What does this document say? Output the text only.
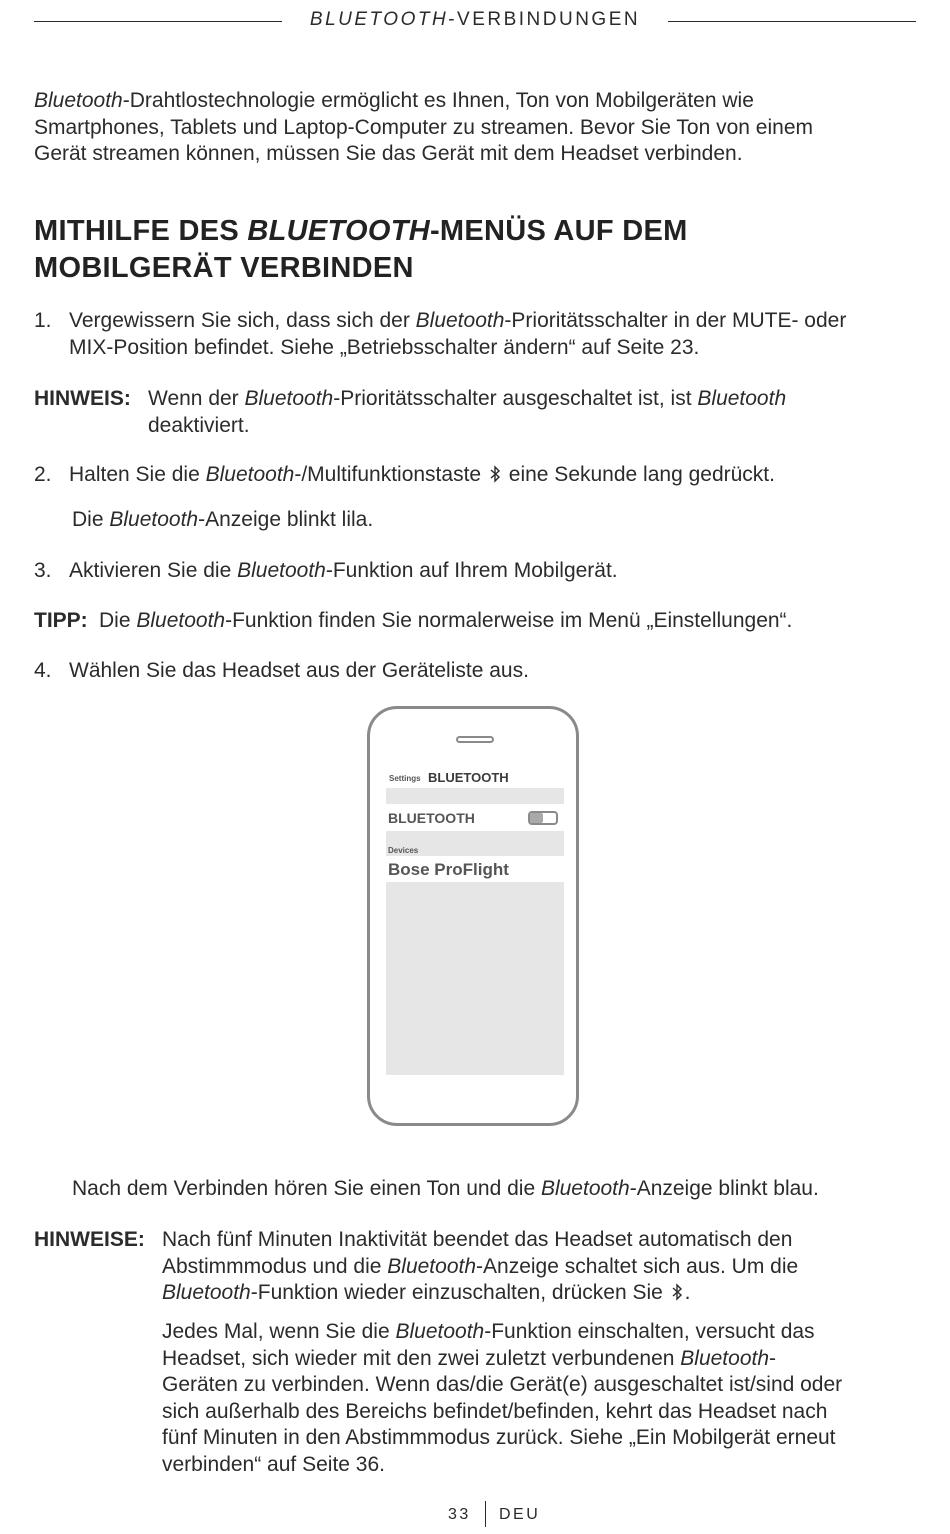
BLUETOOTH-VERBINDUNGEN
Bluetooth-Drahtlostechnologie ermöglicht es Ihnen, Ton von Mobilgeräten wie
Smartphones, Tablets und Laptop-Computer zu streamen. Bevor Sie Ton von einem
Gerät streamen können, müssen Sie das Gerät mit dem Headset verbinden.
MITHILFE DES BLUETOOTH-MENÜS AUF DEM
MOBILGERÄT VERBINDEN
1. Vergewissern Sie sich, dass sich der Bluetooth-Prioritätsschalter in der MUTE- oder
MIX-Position befindet. Siehe „Betriebsschalter ändern“ auf Seite 23.
HINWEIS: Wenn der Bluetooth-Prioritätsschalter ausgeschaltet ist, ist Bluetooth
deaktiviert.
2. Halten Sie die Bluetooth-/Multifunktionstaste  eine Sekunde lang gedrückt.
Die Bluetooth-Anzeige blinkt lila.
3. Aktivieren Sie die Bluetooth-Funktion auf Ihrem Mobilgerät.
TIPP: Die Bluetooth-Funktion finden Sie normalerweise im Menü „Einstellungen“.
4. Wählen Sie das Headset aus der Geräteliste aus.
Settings BLUETOOTH
BLUETOOTH
Devices
Bose ProFlight
Nach dem Verbinden hören Sie einen Ton und die Bluetooth-Anzeige blinkt blau.
HINWEISE: Nach fünf Minuten Inaktivität beendet das Headset automatisch den
Abstimmmodus und die Bluetooth-Anzeige schaltet sich aus. Um die
Bluetooth-Funktion wieder einzuschalten, drücken Sie .
Jedes Mal, wenn Sie die Bluetooth-Funktion einschalten, versucht das
Headset, sich wieder mit den zwei zuletzt verbundenen Bluetooth-
Geräten zu verbinden. Wenn das/die Gerät(e) ausgeschaltet ist/sind oder
sich außerhalb des Bereichs befindet/befinden, kehrt das Headset nach
fünf Minuten in den Abstimmmodus zurück. Siehe „Ein Mobilgerät erneut
verbinden“ auf Seite 36.
33 DEU
